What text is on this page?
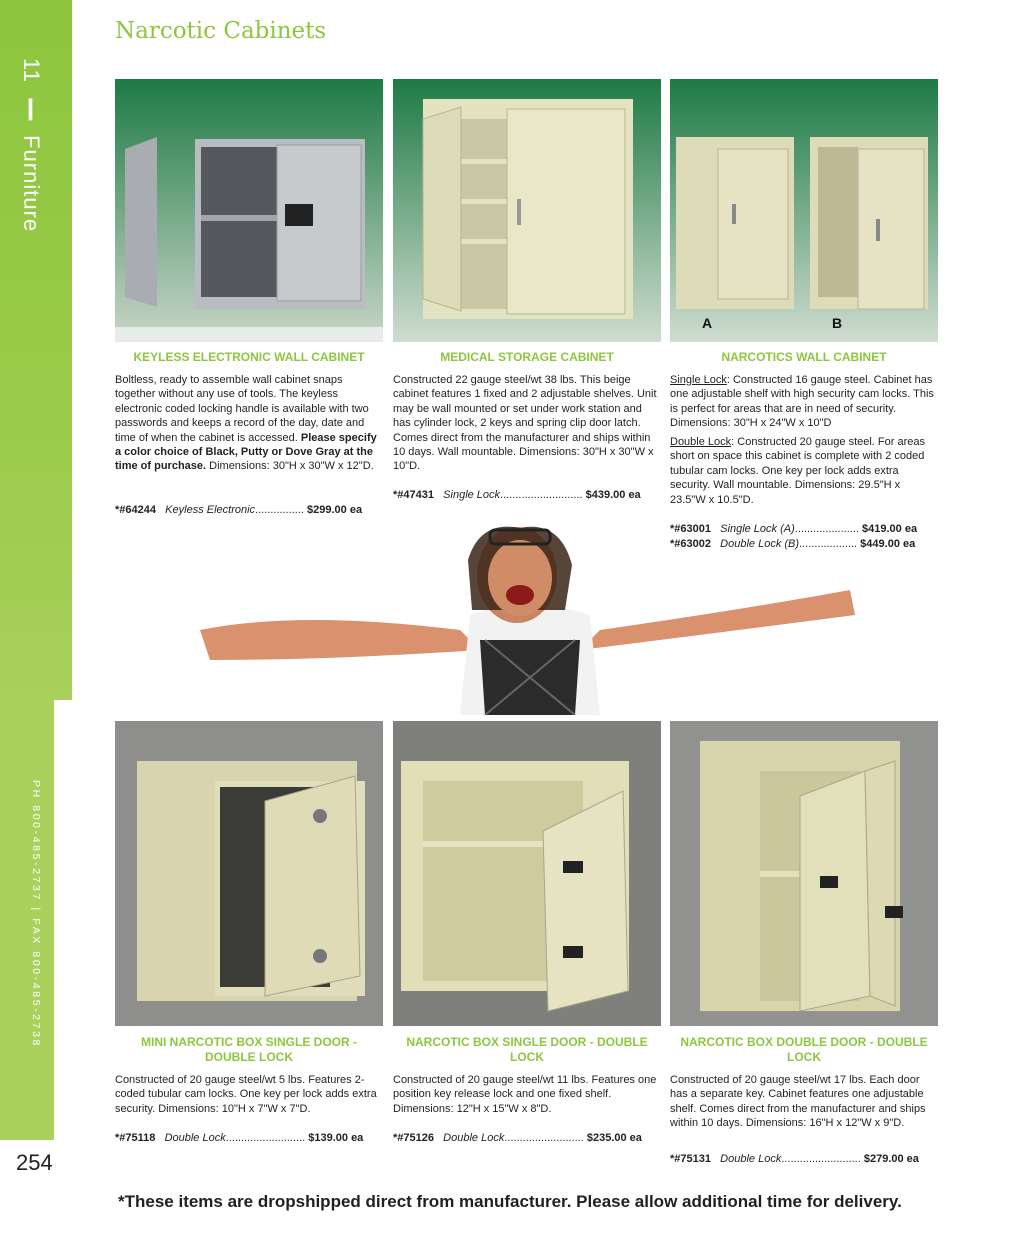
11 ❙ Furniture
PH 800-485-2737 | FAX 800-485-2738
254
Narcotic Cabinets
A	B
KEYLESS ELECTRONIC WALL CABINET
Boltless, ready to assemble wall cabinet snaps together without any use of tools. The keyless electronic coded locking handle is available with two passwords and keeps a record of the day, date and time of when the cabinet is accessed. Please specify a color choice of Black, Putty or Dove Gray at the time of purchase. Dimensions: 30"H x 30"W x 12"D.
*#64244 Keyless Electronic................ $299.00 ea
MEDICAL STORAGE CABINET
Constructed 22 gauge steel/wt 38 lbs. This beige cabinet features 1 fixed and 2 adjustable shelves. Unit may be wall mounted or set under work station and has cylinder lock, 2 keys and spring clip door latch. Comes direct from the manufacturer and ships within 10 days. Wall mountable. Dimensions: 30"H x 30"W x 10"D.
*#47431 Single Lock........................... $439.00 ea
NARCOTICS WALL CABINET
Single Lock: Constructed 16 gauge steel. Cabinet has one adjustable shelf with high security cam locks. This is perfect for areas that are in need of security. Dimensions: 30"H x 24"W x 10"D
Double Lock: Constructed 20 gauge steel. For areas short on space this cabinet is complete with 2 coded tubular cam locks. One key per lock adds extra security. Wall mountable. Dimensions: 29.5"H x 23.5"W x 10.5"D.
*#63001 Single Lock (A)..................... $419.00 ea
*#63002 Double Lock (B)................... $449.00 ea
MINI NARCOTIC BOX SINGLE DOOR - DOUBLE LOCK
Constructed of 20 gauge steel/wt 5 lbs. Features 2-coded tubular cam locks. One key per lock adds extra security. Dimensions: 10"H x 7"W x 7"D.
*#75118 Double Lock.......................... $139.00 ea
NARCOTIC BOX SINGLE DOOR - DOUBLE LOCK
Constructed of 20 gauge steel/wt 11 lbs. Features one position key release lock and one fixed shelf. Dimensions: 12"H x 15"W x 8"D.
*#75126 Double Lock.......................... $235.00 ea
NARCOTIC BOX DOUBLE DOOR - DOUBLE LOCK
Constructed of 20 gauge steel/wt 17 lbs. Each door has a separate key. Cabinet features one adjustable shelf. Comes direct from the manufacturer and ships within 10 days. Dimensions: 16"H x 12"W x 9"D.
*#75131 Double Lock.......................... $279.00 ea
*These items are dropshipped direct from manufacturer. Please allow additional time for delivery.
